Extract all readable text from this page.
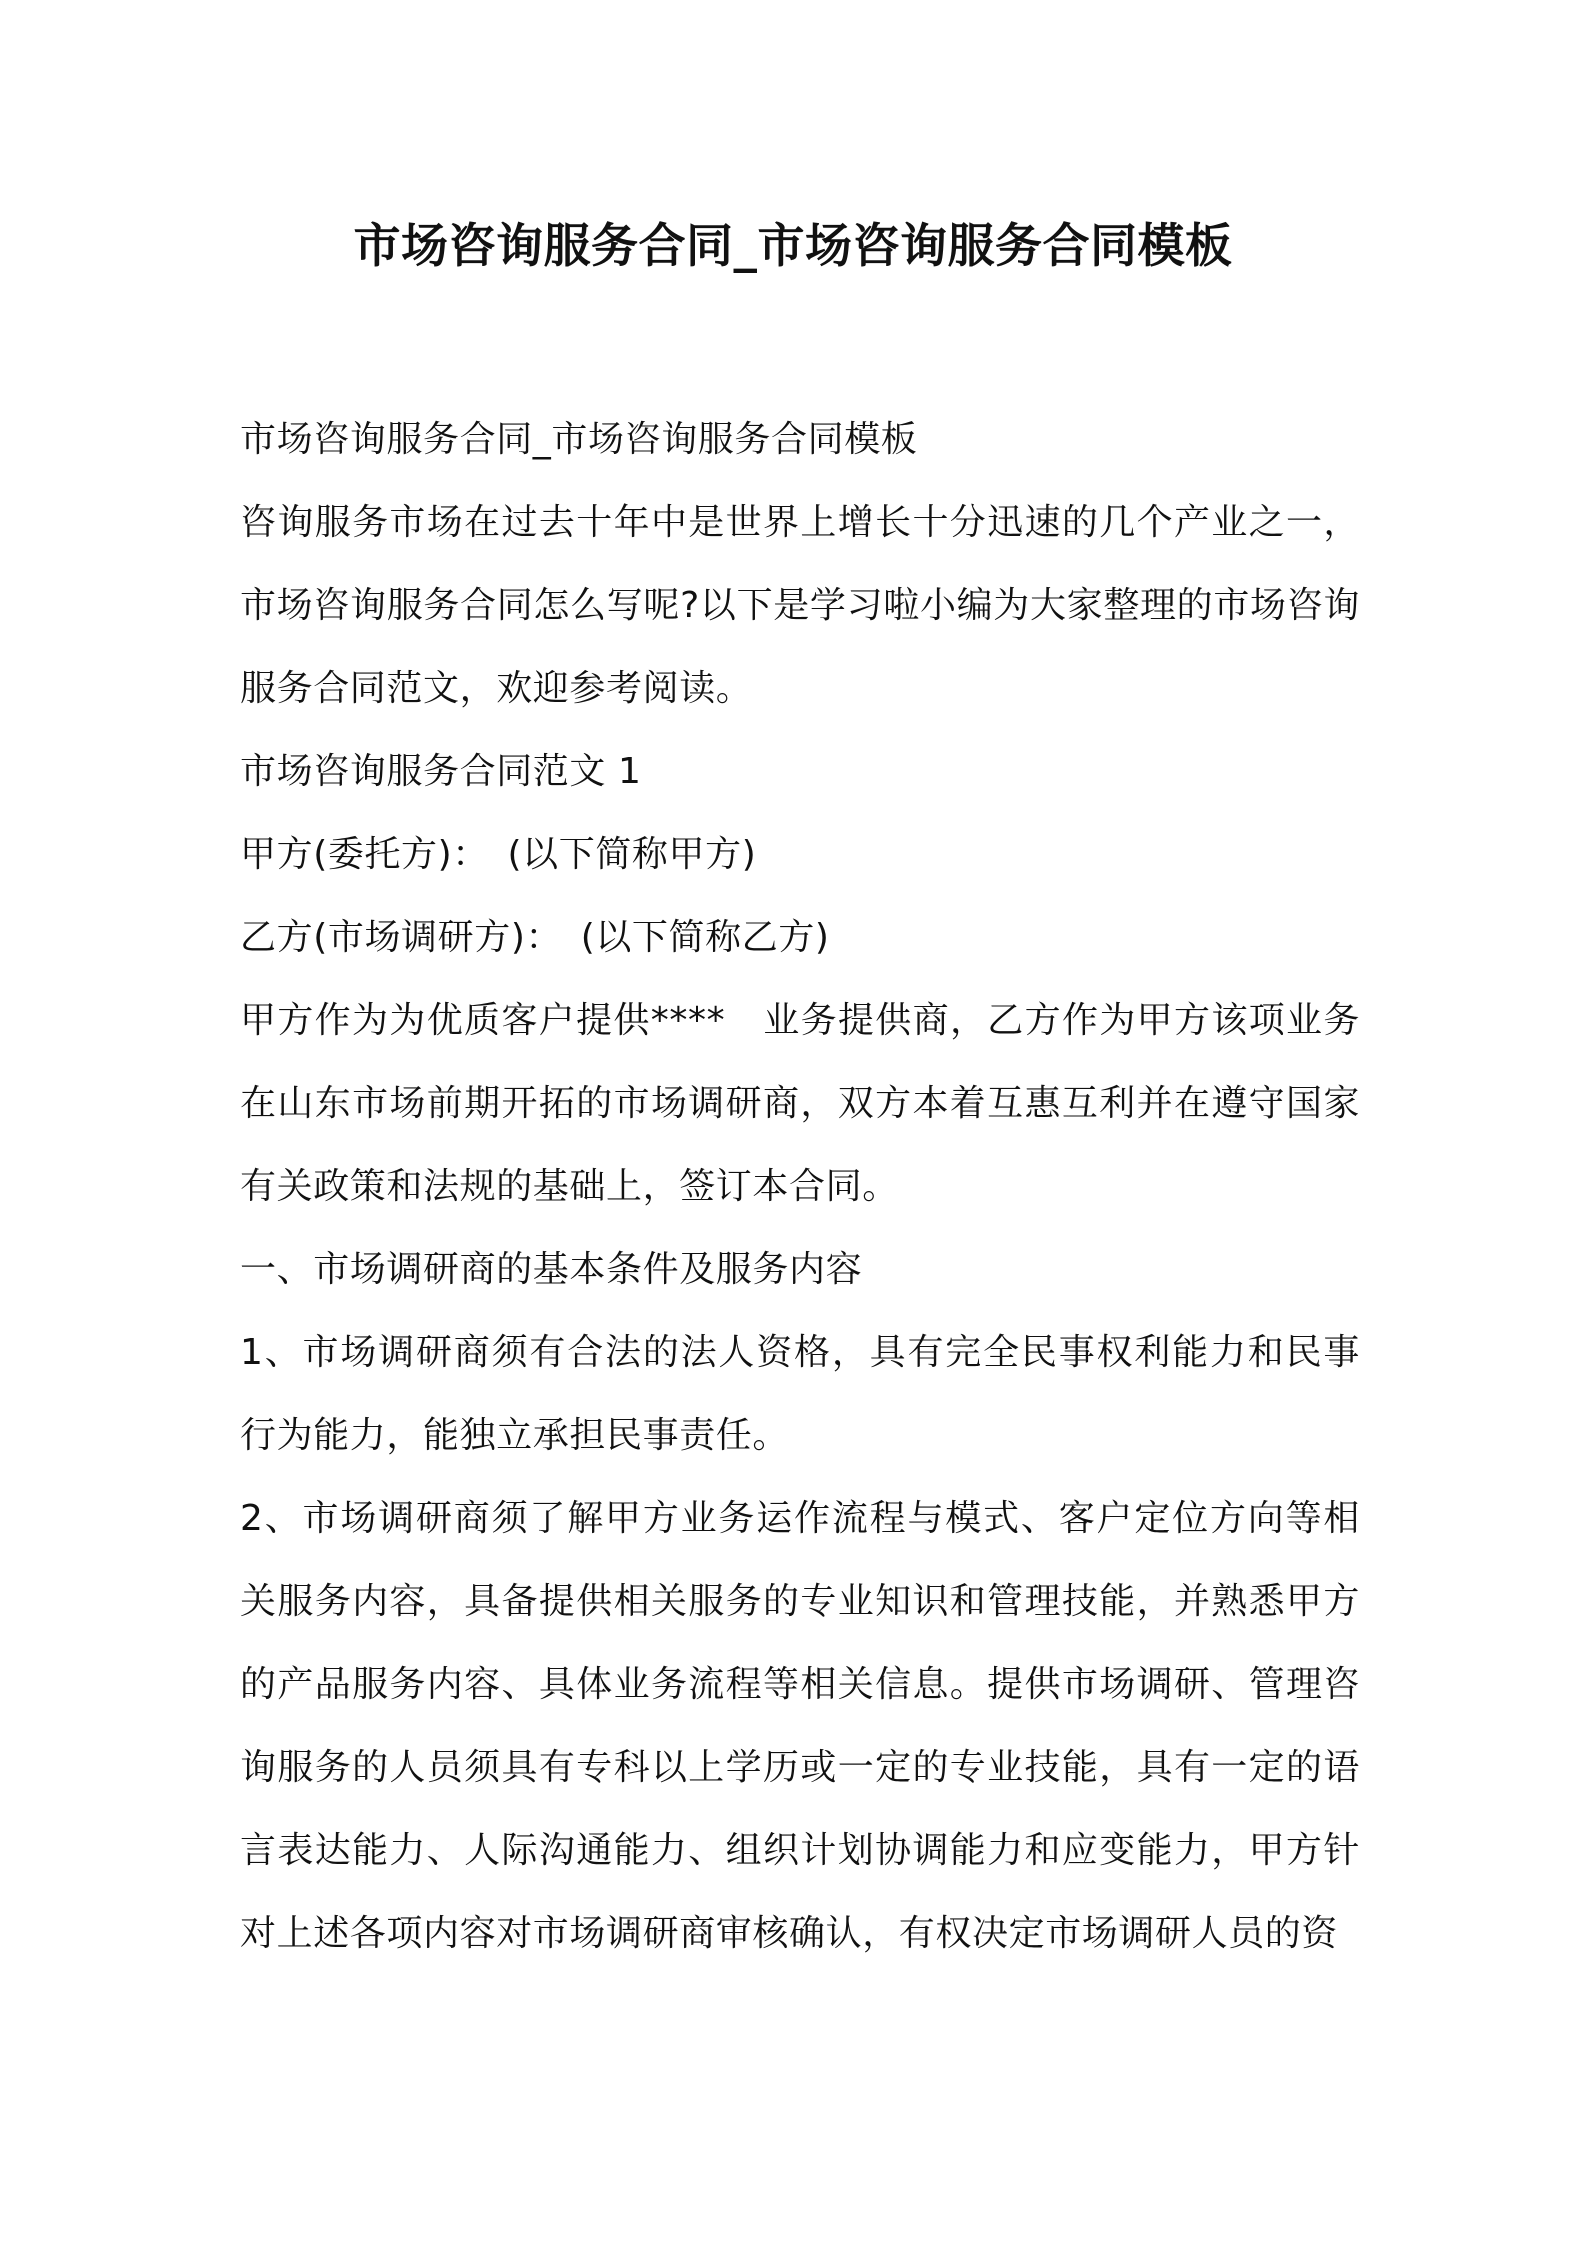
市场咨询服务合同_市场咨询服务合同模板

市场咨询服务合同_市场咨询服务合同模板

咨询服务市场在过去十年中是世界上增长十分迅速的几个产业之一，市场咨询服务合同怎么写呢?以下是学习啦小编为大家整理的市场咨询服务合同范文，欢迎参考阅读。

市场咨询服务合同范文 1

甲方(委托方)：　(以下简称甲方)

乙方(市场调研方)：　(以下简称乙方)

甲方作为为优质客户提供****　业务提供商，乙方作为甲方该项业务在山东市场前期开拓的市场调研商，双方本着互惠互利并在遵守国家有关政策和法规的基础上，签订本合同。

一、市场调研商的基本条件及服务内容

1、市场调研商须有合法的法人资格，具有完全民事权利能力和民事行为能力，能独立承担民事责任。

2、市场调研商须了解甲方业务运作流程与模式、客户定位方向等相关服务内容，具备提供相关服务的专业知识和管理技能，并熟悉甲方的产品服务内容、具体业务流程等相关信息。提供市场调研、管理咨询服务的人员须具有专科以上学历或一定的专业技能，具有一定的语言表达能力、人际沟通能力、组织计划协调能力和应变能力，甲方针对上述各项内容对市场调研商审核确认，有权决定市场调研人员的资
